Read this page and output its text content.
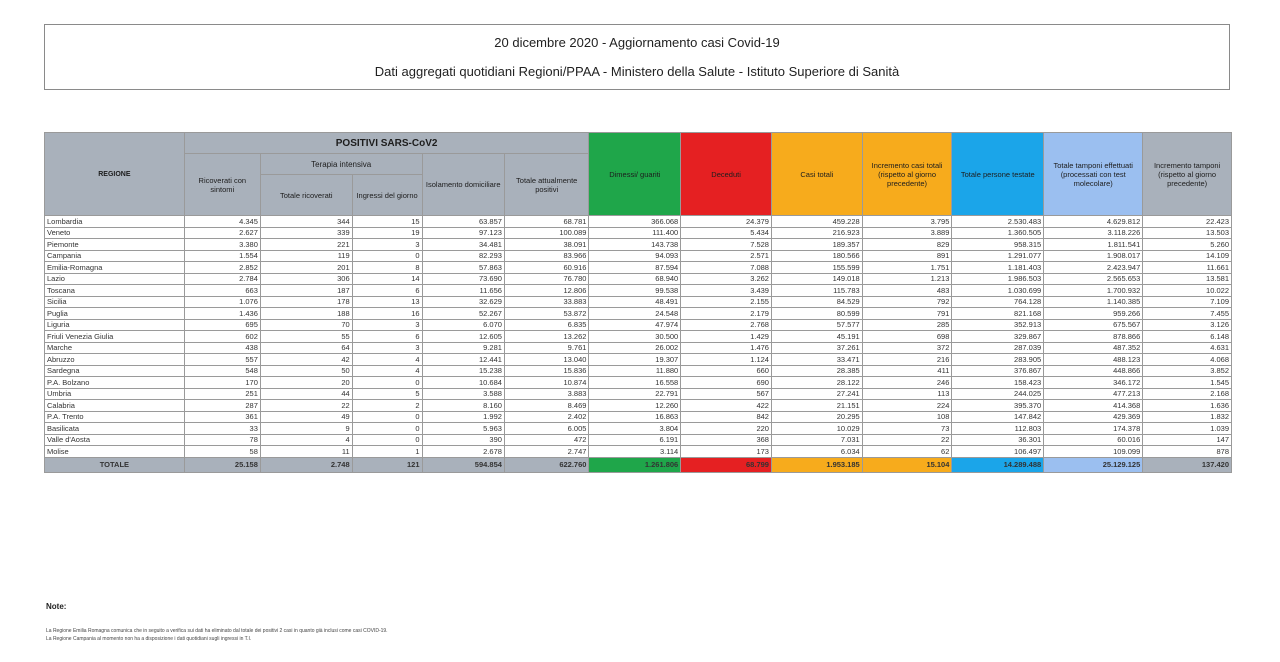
20 dicembre 2020 - Aggiornamento casi Covid-19
Dati aggregati quotidiani Regioni/PPAA - Ministero della Salute - Istituto Superiore di Sanità
REGIONE	POSITIVI SARS-CoV2					Dimessi/ guariti	Deceduti	Casi totali	Incremento casi totali (rispetto al giorno precedente)	Totale persone testate	Totale tamponi effettuati (processati con test molecolare)	Incremento tamponi (rispetto al giorno precedente)
	Ricoverati con sintomi	Terapia intensiva		Isolamento domiciliare	Totale attualmente positivi							
		Totale ricoverati	Ingressi del giorno									
Lombardia	4.345	344	15	63.857	68.781	366.068	24.379	459.228	3.795	2.530.483	4.629.812	22.423
Veneto	2.627	339	19	97.123	100.089	111.400	5.434	216.923	3.889	1.360.505	3.118.226	13.503
Piemonte	3.380	221	3	34.481	38.091	143.738	7.528	189.357	829	958.315	1.811.541	5.260
Campania	1.554	119	0	82.293	83.966	94.093	2.571	180.566	891	1.291.077	1.908.017	14.109
Emilia-Romagna	2.852	201	8	57.863	60.916	87.594	7.088	155.599	1.751	1.181.403	2.423.947	11.661
Lazio	2.784	306	14	73.690	76.780	68.940	3.262	149.018	1.213	1.986.503	2.565.653	13.581
Toscana	663	187	6	11.656	12.806	99.538	3.439	115.783	483	1.030.699	1.700.932	10.022
Sicilia	1.076	178	13	32.629	33.883	48.491	2.155	84.529	792	764.128	1.140.385	7.109
Puglia	1.436	188	16	52.267	53.872	24.548	2.179	80.599	791	821.168	959.266	7.455
Liguria	695	70	3	6.070	6.835	47.974	2.768	57.577	285	352.913	675.567	3.126
Friuli Venezia Giulia	602	55	6	12.605	13.262	30.500	1.429	45.191	698	329.867	878.866	6.148
Marche	438	64	3	9.281	9.761	26.002	1.476	37.261	372	287.039	487.352	4.631
Abruzzo	557	42	4	12.441	13.040	19.307	1.124	33.471	216	283.905	488.123	4.068
Sardegna	548	50	4	15.238	15.836	11.880	660	28.385	411	376.867	448.866	3.852
P.A. Bolzano	170	20	0	10.684	10.874	16.558	690	28.122	246	158.423	346.172	1.545
Umbria	251	44	5	3.588	3.883	22.791	567	27.241	113	244.025	477.213	2.168
Calabria	287	22	2	8.160	8.469	12.260	422	21.151	224	395.370	414.368	1.636
P.A. Trento	361	49	0	1.992	2.402	16.863	842	20.295	108	147.842	429.369	1.832
Basilicata	33	9	0	5.963	6.005	3.804	220	10.029	73	112.803	174.378	1.039
Valle d'Aosta	78	4	0	390	472	6.191	368	7.031	22	36.301	60.016	147
Molise	58	11	1	2.678	2.747	3.114	173	6.034	62	106.497	109.099	878
TOTALE	25.158	2.748	121	594.854	622.760	1.261.806	68.799	1.953.185	15.104	14.289.488	25.129.125	137.420
Note:
La Regione Emilia Romagna comunica che in seguito a verifica sui dati ha eliminato dal totale dei positivi 2 casi in quanto già inclusi come casi COVID-19.
La Regione Campania al momento non ha a disposizione i dati quotidiani sugli ingressi in T.I.
